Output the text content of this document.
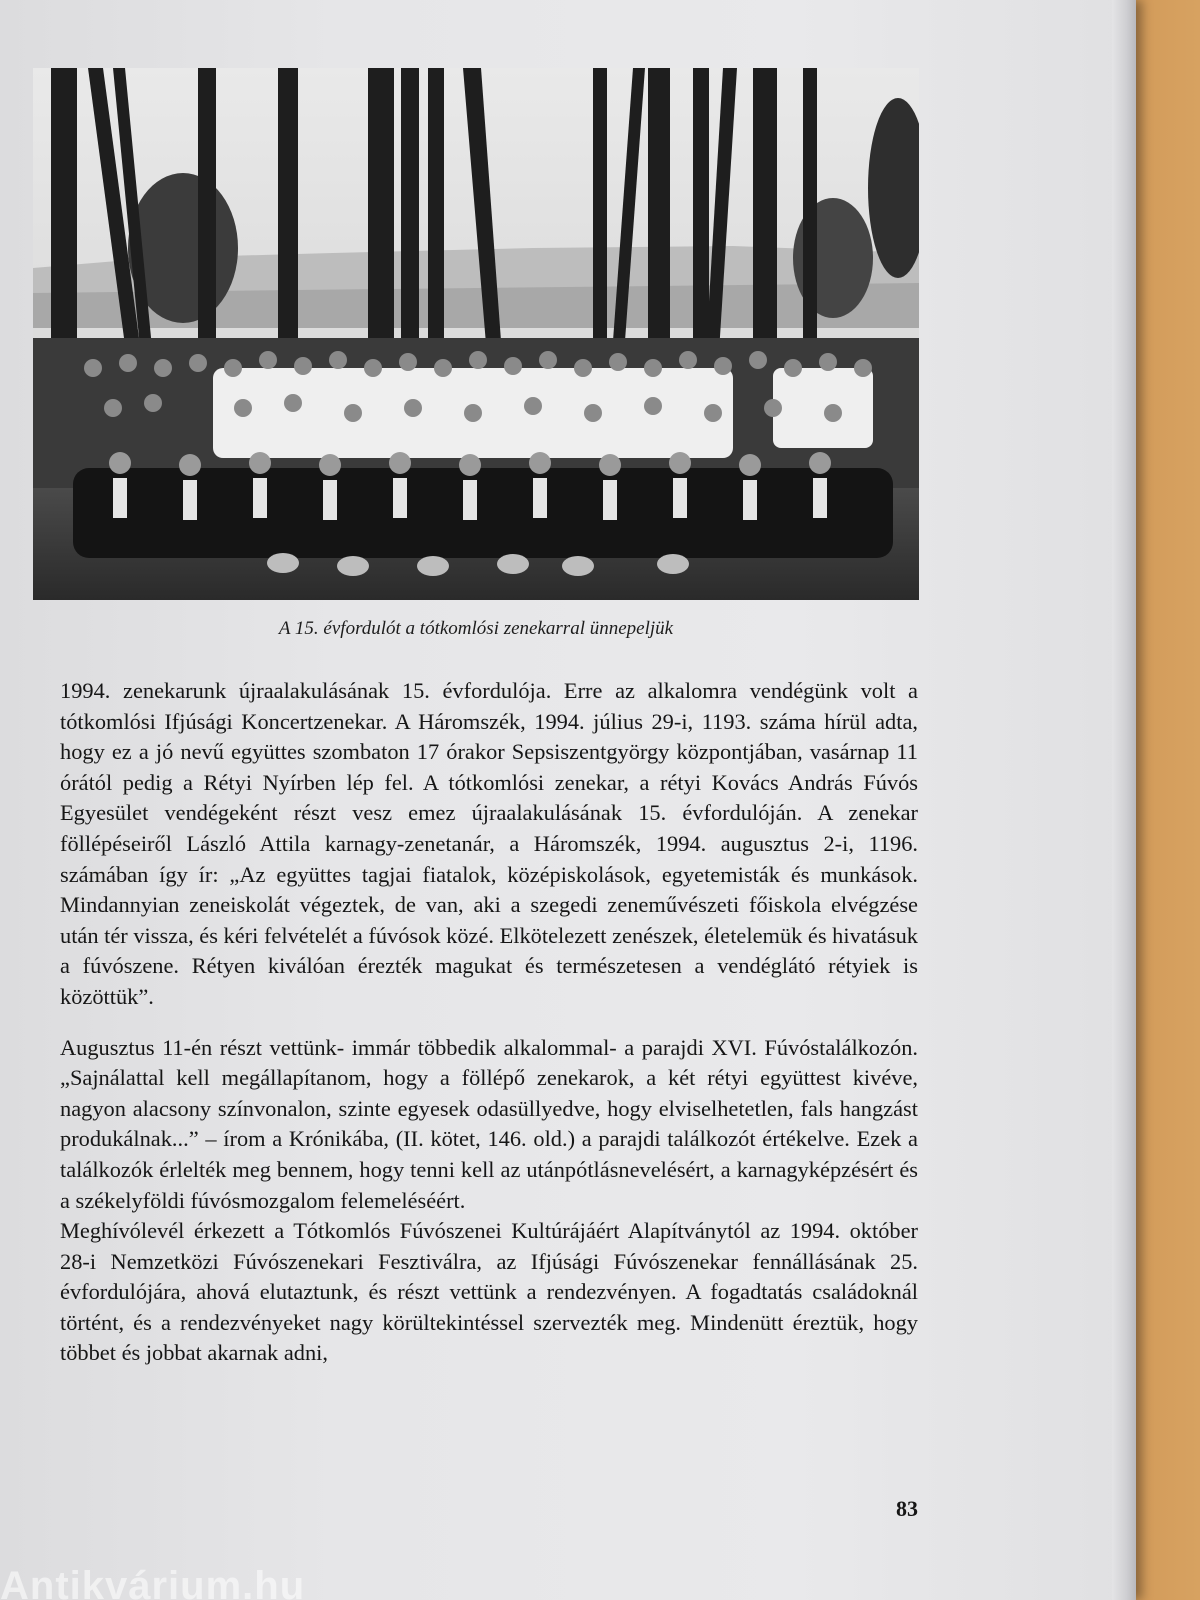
A 15. évfordulót a tótkomlósi zenekarral ünnepeljük

1994. zenekarunk újraalakulásának 15. évfordulója. Erre az alkalomra vendégünk volt a tótkomlósi Ifjúsági Koncertzenekar. A Háromszék, 1994. július 29-i, 1193. száma hírül adta, hogy ez a jó nevű együttes szombaton 17 órakor Sepsiszentgyörgy központjában, vasárnap 11 órától pedig a Rétyi Nyírben lép fel. A tótkomlósi zenekar, a rétyi Kovács András Fúvós Egyesület vendégeként részt vesz emez újraalakulásának 15. évfordulóján. A zenekar föllépéseiről László Attila karnagy-zenetanár, a Háromszék, 1994. augusztus 2-i, 1196. számában így ír: „Az együttes tagjai fiatalok, középiskolások, egyetemisták és munkások. Mindannyian zeneiskolát végeztek, de van, aki a szegedi zeneművészeti főiskola elvégzése után tér vissza, és kéri felvételét a fúvósok közé. Elkötelezett zenészek, életelemük és hivatásuk a fúvószene. Rétyen kiválóan érezték magukat és természetesen a vendéglátó rétyiek is közöttük”.

Augusztus 11-én részt vettünk- immár többedik alkalommal- a parajdi XVI. Fúvóstalálkozón. „Sajnálattal kell megállapítanom, hogy a föllépő zenekarok, a két rétyi együttest kivéve, nagyon alacsony színvonalon, szinte egyesek odasüllyedve, hogy elviselhetetlen, fals hangzást produkálnak...” – írom a Krónikába, (II. kötet, 146. old.) a parajdi találkozót értékelve. Ezek a találkozók érlelték meg bennem, hogy tenni kell az utánpótlásnevelésért, a karnagyképzésért és a székelyföldi fúvósmozgalom felemeléséért.

Meghívólevél érkezett a Tótkomlós Fúvószenei Kultúrájáért Alapítványtól az 1994. október 28-i Nemzetközi Fúvószenekari Fesztiválra, az Ifjúsági Fúvószenekar fennállásának 25. évfordulójára, ahová elutaztunk, és részt vettünk a rendezvényen. A fogadtatás családoknál történt, és a rendezvényeket nagy körültekintéssel szervezték meg. Mindenütt éreztük, hogy többet és jobbat akarnak adni,

83
Antikvárium.hu
